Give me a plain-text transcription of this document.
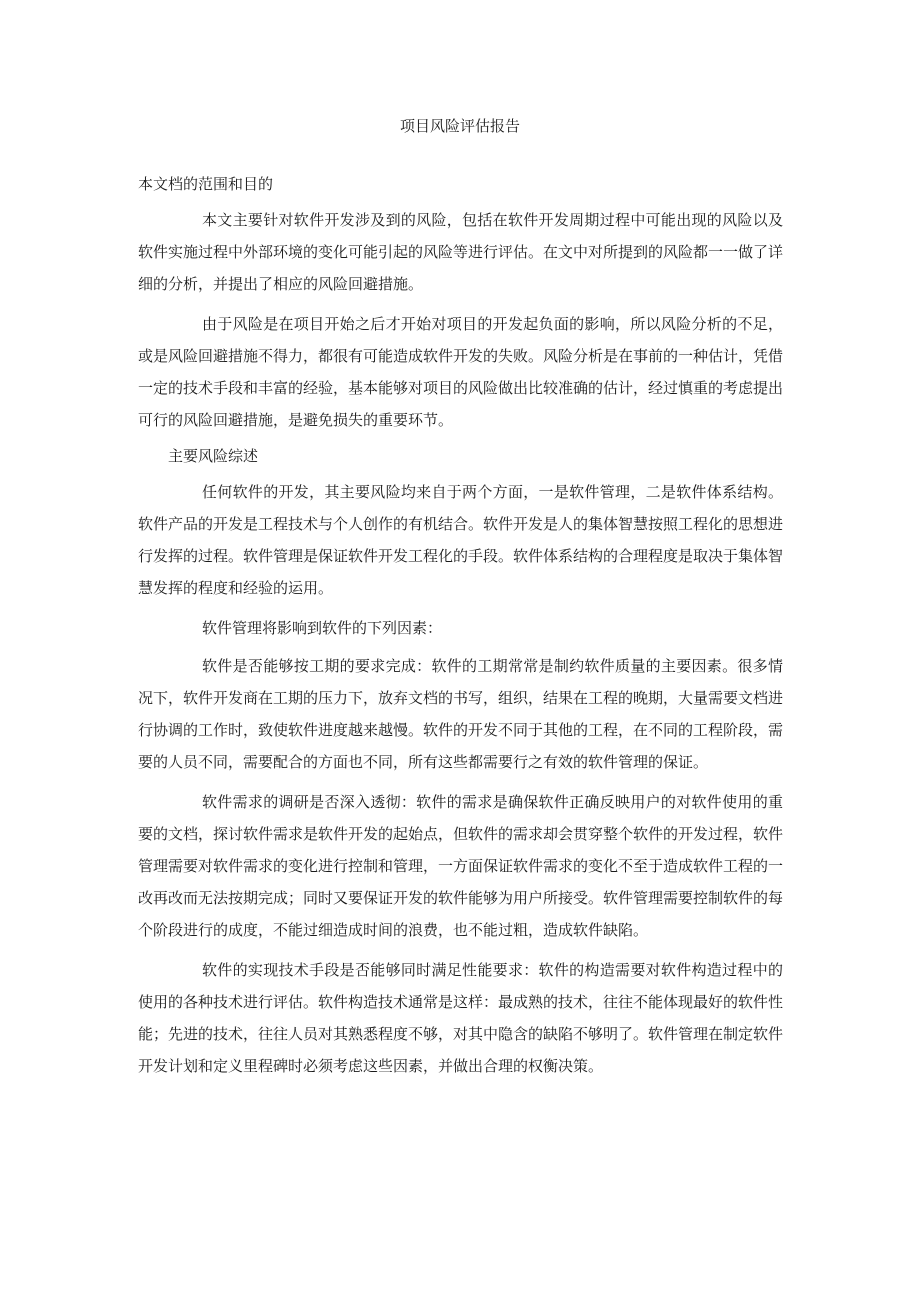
项目风险评估报告
本文档的范围和目的

本文主要针对软件开发涉及到的风险，包括在软件开发周期过程中可能出现的风险以及软件实施过程中外部环境的变化可能引起的风险等进行评估。在文中对所提到的风险都一一做了详细的分析，并提出了相应的风险回避措施。

由于风险是在项目开始之后才开始对项目的开发起负面的影响，所以风险分析的不足，或是风险回避措施不得力，都很有可能造成软件开发的失败。风险分析是在事前的一种估计，凭借一定的技术手段和丰富的经验，基本能够对项目的风险做出比较准确的估计，经过慎重的考虑提出可行的风险回避措施，是避免损失的重要环节。

主要风险综述

任何软件的开发，其主要风险均来自于两个方面，一是软件管理，二是软件体系结构。软件产品的开发是工程技术与个人创作的有机结合。软件开发是人的集体智慧按照工程化的思想进行发挥的过程。软件管理是保证软件开发工程化的手段。软件体系结构的合理程度是取决于集体智慧发挥的程度和经验的运用。

软件管理将影响到软件的下列因素：

软件是否能够按工期的要求完成：软件的工期常常是制约软件质量的主要因素。很多情况下，软件开发商在工期的压力下，放弃文档的书写，组织，结果在工程的晚期，大量需要文档进行协调的工作时，致使软件进度越来越慢。软件的开发不同于其他的工程，在不同的工程阶段，需要的人员不同，需要配合的方面也不同，所有这些都需要行之有效的软件管理的保证。

软件需求的调研是否深入透彻：软件的需求是确保软件正确反映用户的对软件使用的重要的文档，探讨软件需求是软件开发的起始点，但软件的需求却会贯穿整个软件的开发过程，软件管理需要对软件需求的变化进行控制和管理，一方面保证软件需求的变化不至于造成软件工程的一改再改而无法按期完成；同时又要保证开发的软件能够为用户所接受。软件管理需要控制软件的每个阶段进行的成度，不能过细造成时间的浪费，也不能过粗，造成软件缺陷。

软件的实现技术手段是否能够同时满足性能要求：软件的构造需要对软件构造过程中的使用的各种技术进行评估。软件构造技术通常是这样：最成熟的技术，往往不能体现最好的软件性能；先进的技术，往往人员对其熟悉程度不够，对其中隐含的缺陷不够明了。软件管理在制定软件开发计划和定义里程碑时必须考虑这些因素，并做出合理的权衡决策。
